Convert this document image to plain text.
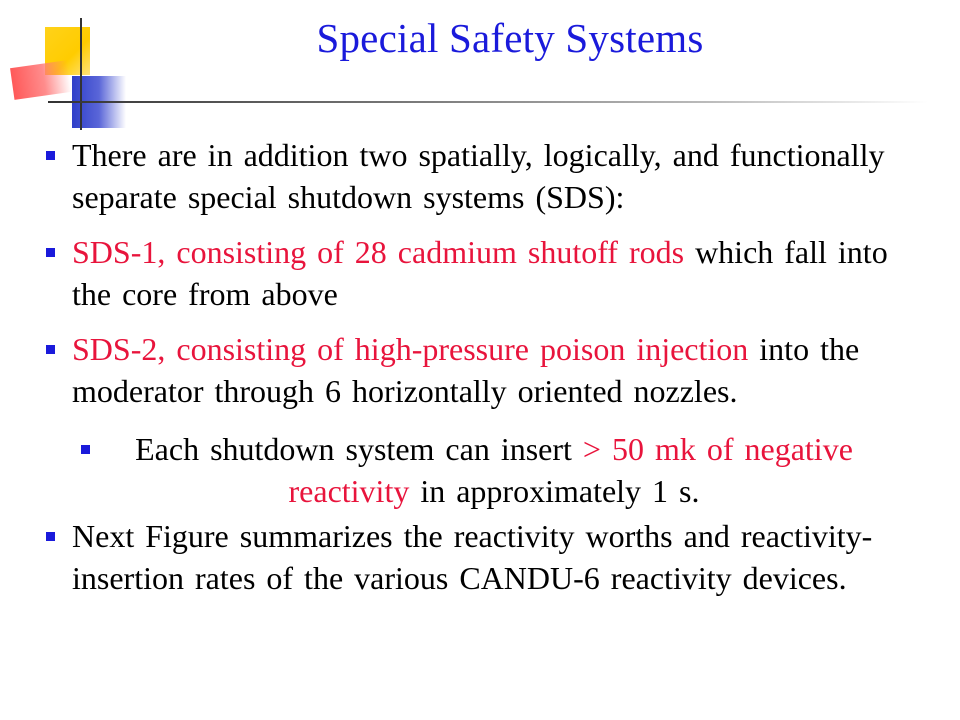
Special Safety Systems
There are in addition two spatially, logically, and functionally separate special shutdown systems (SDS):
SDS-1, consisting of 28 cadmium shutoff rods which fall into the core from above
SDS-2, consisting of high-pressure poison injection into the moderator through 6 horizontally oriented nozzles.
Each shutdown system can insert > 50 mk of negative
reactivity in approximately 1 s.
Next Figure summarizes the reactivity worths and reactivity-insertion rates of the various CANDU-6 reactivity devices.
